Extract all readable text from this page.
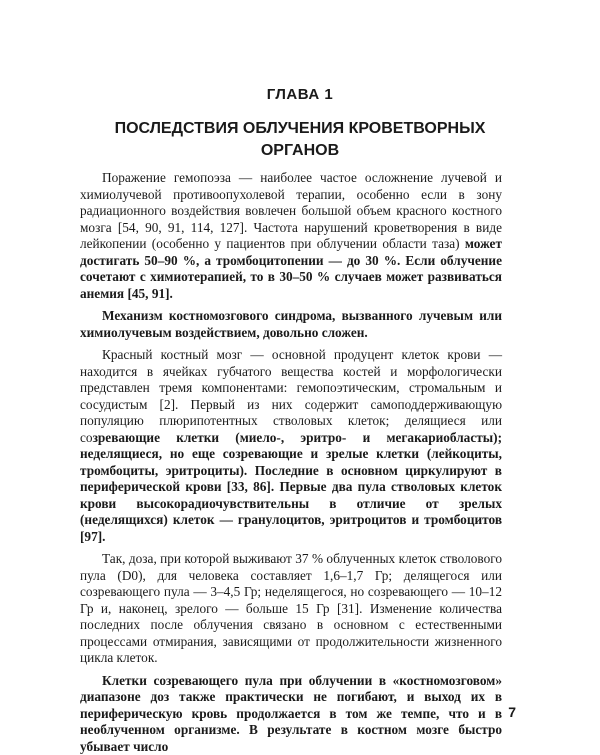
ГЛАВА 1
ПОСЛЕДСТВИЯ ОБЛУЧЕНИЯ КРОВЕТВОРНЫХ ОРГАНОВ

Поражение гемопоэза — наиболее частое осложнение лучевой и химиолучевой противоопухолевой терапии, особенно если в зону радиационного воздействия вовлечен большой объем красного костного мозга [54, 90, 91, 114, 127]. Частота нарушений кроветворения в виде лейкопении (особенно у пациентов при облучении области таза) может достигать 50–90 %, а тромбоцитопении — до 30 %. Если облучение сочетают с химиотерапией, то в 30–50 % случаев может развиваться анемия [45, 91].

Механизм костномозгового синдрома, вызванного лучевым или химиолучевым воздействием, довольно сложен.

Красный костный мозг — основной продуцент клеток крови — находится в ячейках губчатого вещества костей и морфологически представлен тремя компонентами: гемопоэтическим, стромальным и сосудистым [2]. Первый из них содержит самоподдерживающую популяцию плюрипотентных стволовых клеток; делящиеся или созревающие клетки (миело-, эритро- и мегакариобласты); неделящиеся, но еще созревающие и зрелые клетки (лейкоциты, тромбоциты, эритроциты). Последние в основном циркулируют в периферической крови [33, 86]. Первые два пула стволовых клеток крови высокорадиочувствительны в отличие от зрелых (неделящихся) клеток — гранулоцитов, эритроцитов и тромбоцитов [97].

Так, доза, при которой выживают 37 % облученных клеток стволового пула (D0), для человека составляет 1,6–1,7 Гр; делящегося или созревающего пула — 3–4,5 Гр; неделящегося, но созревающего — 10–12 Гр и, наконец, зрелого — больше 15 Гр [31]. Изменение количества последних после облучения связано в основном с естественными процессами отмирания, зависящими от продолжительности жизненного цикла клеток.

Клетки созревающего пула при облучении в «костномозговом» диапазоне доз также практически не погибают, и выход их в периферическую кровь продолжается в том же темпе, что и в необлученном организме. В результате в костном мозге быстро убывает число

7
